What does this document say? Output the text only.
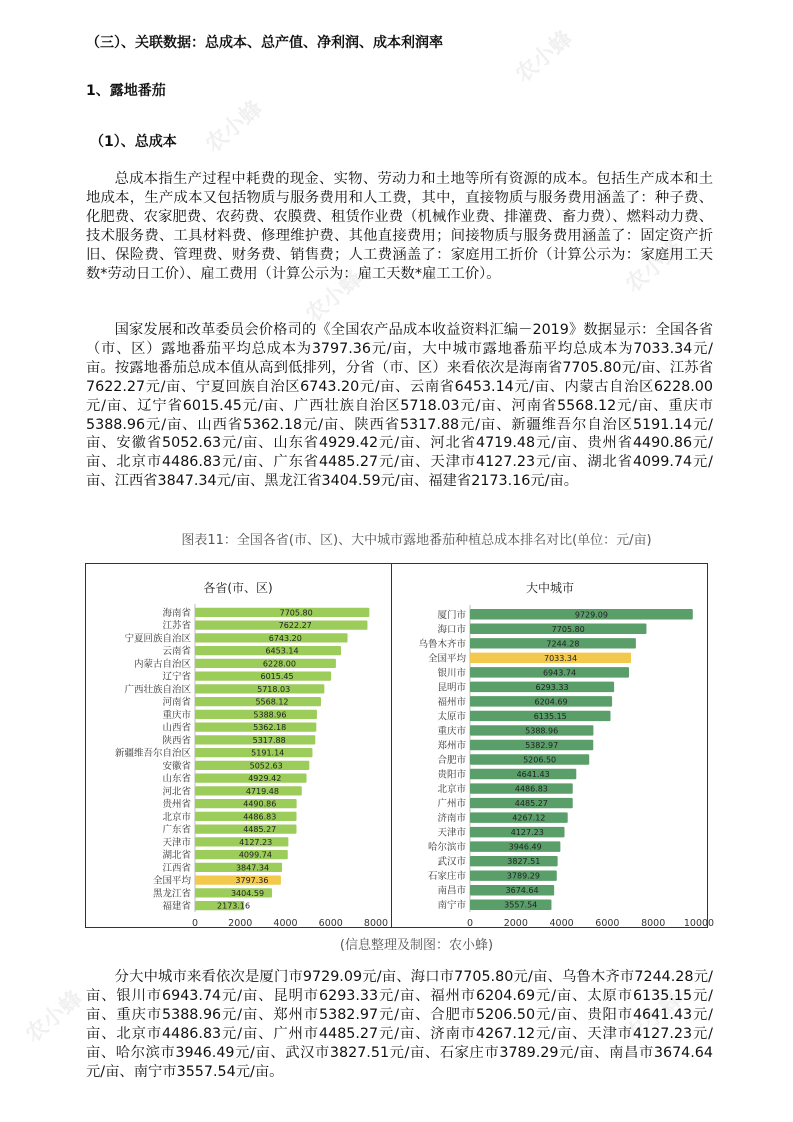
农小蜂
农小蜂	农小蜂
农小蜂
农小蜂	农小蜂
（三）、关联数据：总成本、总产值、净利润、成本利润率
1、露地番茄
（1）、总成本

总成本指生产过程中耗费的现金、实物、劳动力和土地等所有资源的成本。包括生产成本和土地成本，生产成本又包括物质与服务费用和人工费，其中，直接物质与服务费用涵盖了：种子费、化肥费、农家肥费、农药费、农膜费、租赁作业费（机械作业费、排灌费、畜力费）、燃料动力费、技术服务费、工具材料费、修理维护费、其他直接费用；间接物质与服务费用涵盖了：固定资产折旧、保险费、管理费、财务费、销售费；人工费涵盖了：家庭用工折价（计算公示为：家庭用工天数*劳动日工价）、雇工费用（计算公示为：雇工天数*雇工工价）。

国家发展和改革委员会价格司的《全国农产品成本收益资料汇编－2019》数据显示：全国各省（市、区）露地番茄平均总成本为3797.36元/亩，大中城市露地番茄平均总成本为7033.34元/亩。按露地番茄总成本值从高到低排列，分省（市、区）来看依次是海南省7705.80元/亩、江苏省7622.27元/亩、宁夏回族自治区6743.20元/亩、云南省6453.14元/亩、内蒙古自治区6228.00元/亩、辽宁省6015.45元/亩、广西壮族自治区5718.03元/亩、河南省5568.12元/亩、重庆市5388.96元/亩、山西省5362.18元/亩、陕西省5317.88元/亩、新疆维吾尔自治区5191.14元/亩、安徽省5052.63元/亩、山东省4929.42元/亩、河北省4719.48元/亩、贵州省4490.86元/亩、北京市4486.83元/亩、广东省4485.27元/亩、天津市4127.23元/亩、湖北省4099.74元/亩、江西省3847.34元/亩、黑龙江省3404.59元/亩、福建省2173.16元/亩。

图表11：全国各省(市、区)、大中城市露地番茄种植总成本排名对比(单位：元/亩)
各省(市、区)
海南省	7705.80
江苏省	7622.27
宁夏回族自治区	6743.20
云南省	6453.14
内蒙古自治区	6228.00
辽宁省	6015.45
广西壮族自治区	5718.03
河南省	5568.12
重庆市	5388.96
山西省	5362.18
陕西省	5317.88
新疆维吾尔自治区	5191.14
安徽省	5052.63
山东省	4929.42
河北省	4719.48
贵州省	4490.86
北京市	4486.83
广东省	4485.27
天津市	4127.23
湖北省	4099.74
江西省	3847.34
全国平均	3797.36
黑龙江省	3404.59
福建省	2173.16
0	2000 4000 6000 8000
大中城市
厦门市	9729.09
海口市	7705.80
乌鲁木齐市	7244.28
全国平均	7033.34
银川市	6943.74
昆明市	6293.33
福州市	6204.69
太原市	6135.15
重庆市	5388.96
郑州市	5382.97
合肥市	5206.50
贵阳市	4641.43
北京市	4486.83
广州市	4485.27
济南市	4267.12
天津市	4127.23
哈尔滨市	3946.49
武汉市	3827.51
石家庄市	3789.29
南昌市	3674.64
南宁市	3557.54
0	2000 4000 6000 8000 10000
(信息整理及制图：农小蜂)

分大中城市来看依次是厦门市9729.09元/亩、海口市7705.80元/亩、乌鲁木齐市7244.28元/亩、银川市6943.74元/亩、昆明市6293.33元/亩、福州市6204.69元/亩、太原市6135.15元/亩、重庆市5388.96元/亩、郑州市5382.97元/亩、合肥市5206.50元/亩、贵阳市4641.43元/亩、北京市4486.83元/亩、广州市4485.27元/亩、济南市4267.12元/亩、天津市4127.23元/亩、哈尔滨市3946.49元/亩、武汉市3827.51元/亩、石家庄市3789.29元/亩、南昌市3674.64元/亩、南宁市3557.54元/亩。
